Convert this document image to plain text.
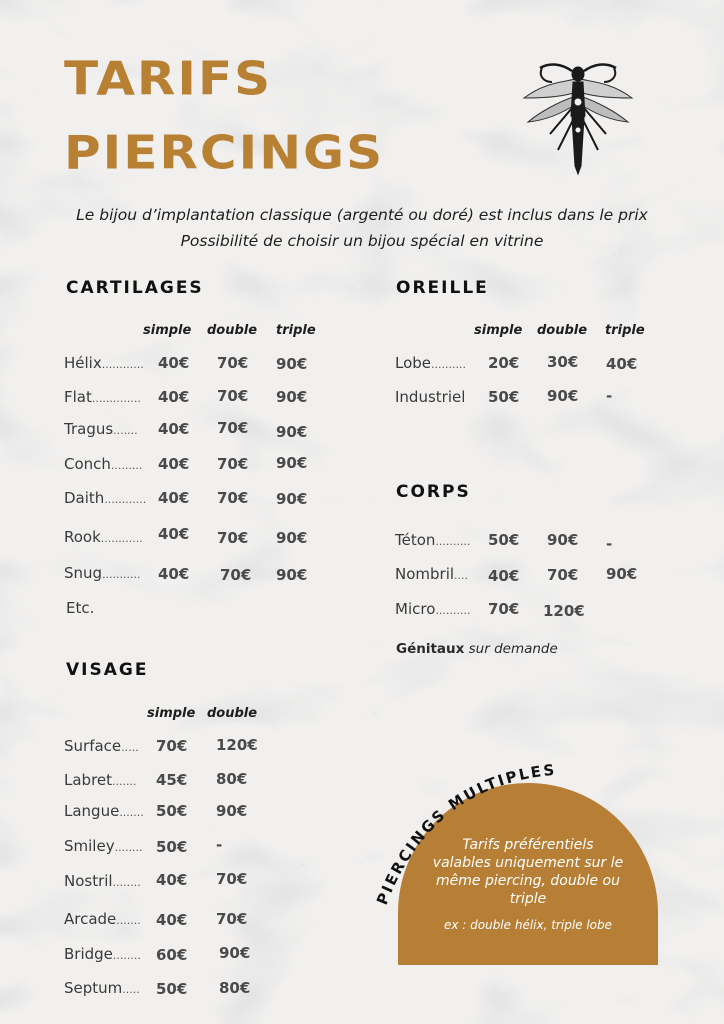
TARIFS
PIERCINGS
Le bijou d’implantation classique (argenté ou doré) est inclus dans le prix
Possibilité de choisir un bijou spécial en vitrine
CARTILAGES
simple double triple
Hélix............ 40€ 70€ 90€
Flat.............. 40€ 70€ 90€
Tragus....... 40€ 70€ 90€
Conch......... 40€ 70€ 90€
Daith............ 40€ 70€ 90€
Rook............ 40€ 70€ 90€
Snug........... 40€ 70€ 90€
Etc.
OREILLE
simple double triple
Lobe.......... 20€ 30€ 40€
Industriel 50€ 90€ -
CORPS
Téton.......... 50€ 90€ -
Nombril.... 40€ 70€ 90€
Micro.......... 70€ 120€
Génitaux sur demande
VISAGE
simple double
Surface..... 70€ 120€
Labret....... 45€ 80€
Langue....... 50€ 90€
Smiley........ 50€ -
Nostril........ 40€ 70€
Arcade....... 40€ 70€
Bridge........ 60€ 90€
Septum..... 50€ 80€
PIERCINGS MULTIPLES
Tarifs préférentiels
valables uniquement sur le
même piercing, double ou
triple
ex : double hélix, triple lobe
